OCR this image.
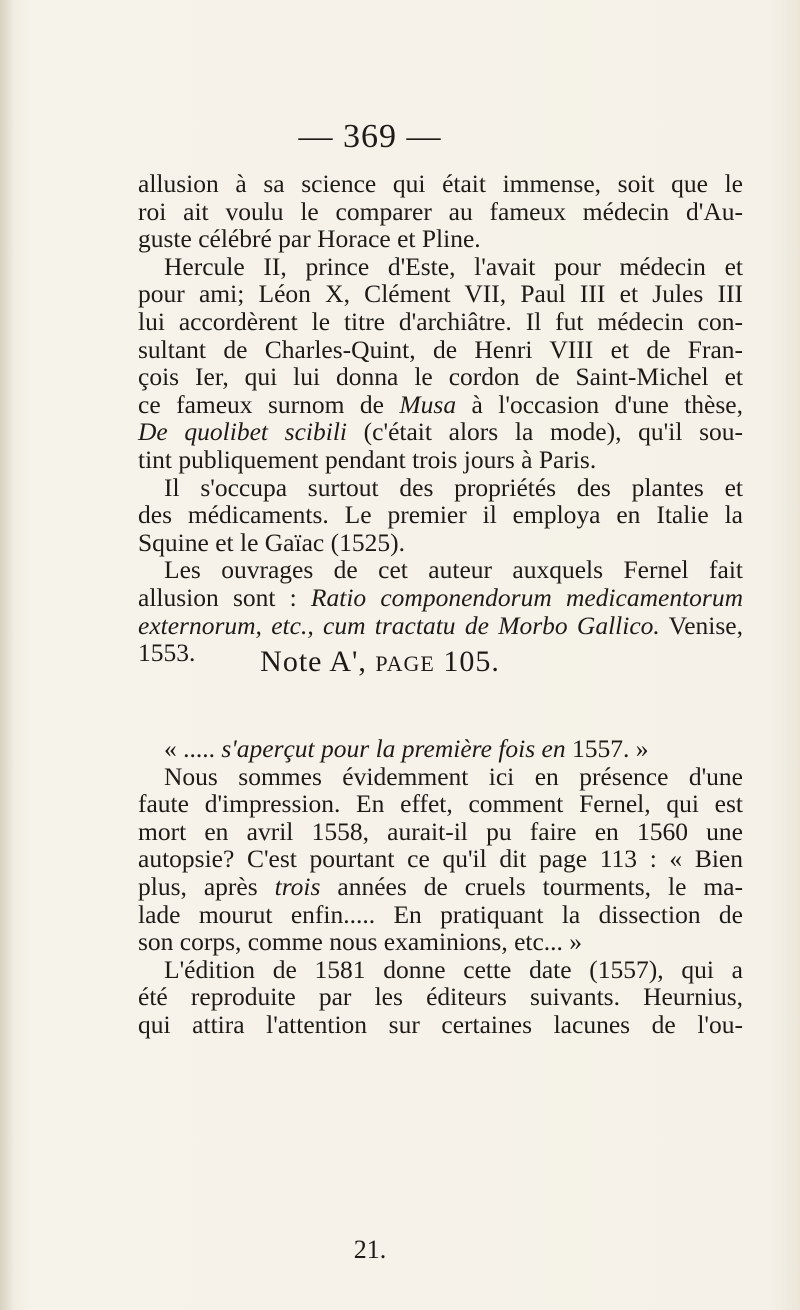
— 369 —
allusion à sa science qui était immense, soit que le
roi ait voulu le comparer au fameux médecin d'Au-
guste célébré par Horace et Pline.
Hercule II, prince d'Este, l'avait pour médecin et
pour ami; Léon X, Clément VII, Paul III et Jules III
lui accordèrent le titre d'archiâtre. Il fut médecin con-
sultant de Charles-Quint, de Henri VIII et de Fran-
çois Ier, qui lui donna le cordon de Saint-Michel et
ce fameux surnom de Musa à l'occasion d'une thèse,
De quolibet scibili (c'était alors la mode), qu'il sou-
tint publiquement pendant trois jours à Paris.
Il s'occupa surtout des propriétés des plantes et
des médicaments. Le premier il employa en Italie la
Squine et le Gaïac (1525).
Les ouvrages de cet auteur auxquels Fernel fait
allusion sont : Ratio componendorum medicamentorum
externorum, etc., cum tractatu de Morbo Gallico. Venise,
1553.	Note A', PAGE 105.
« ..... s'aperçut pour la première fois en 1557. »
Nous sommes évidemment ici en présence d'une
faute d'impression. En effet, comment Fernel, qui est
mort en avril 1558, aurait-il pu faire en 1560 une
autopsie? C'est pourtant ce qu'il dit page 113 : « Bien
plus, après trois années de cruels tourments, le ma-
lade mourut enfin..... En pratiquant la dissection de
son corps, comme nous examinions, etc... »
L'édition de 1581 donne cette date (1557), qui a
été reproduite par les éditeurs suivants. Heurnius,
qui attira l'attention sur certaines lacunes de l'ou-
21.
